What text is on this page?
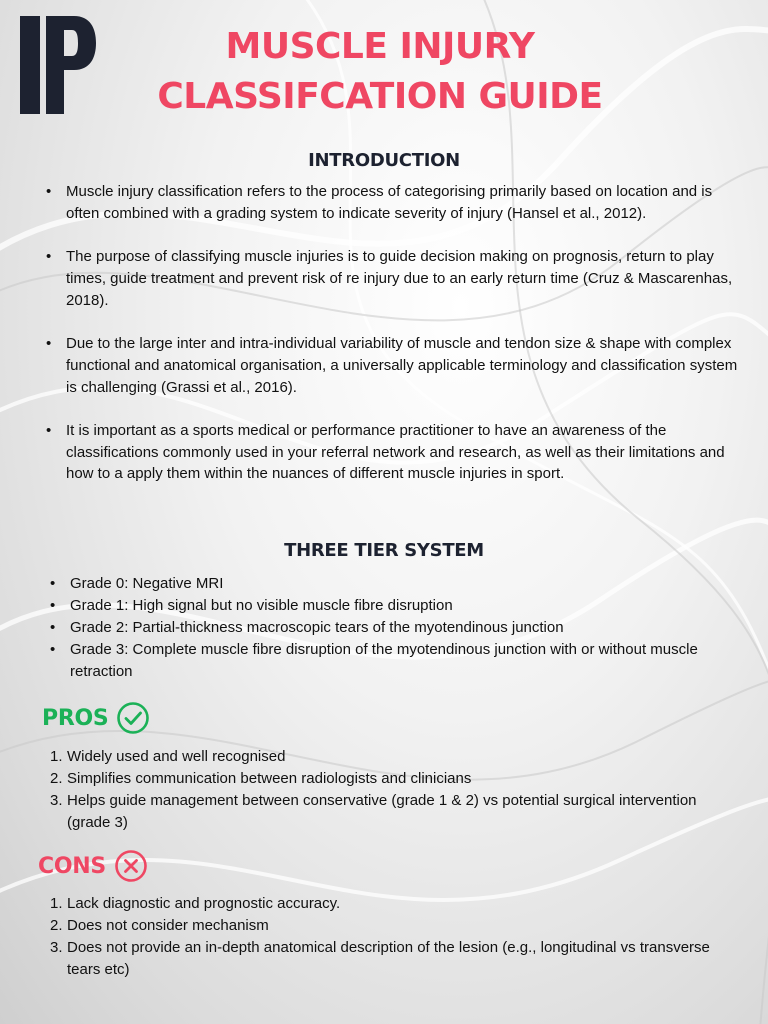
MUSCLE INJURY
CLASSIFCATION GUIDE
INTRODUCTION
• Muscle injury classification refers to the process of categorising primarily based on location and is often combined with a grading system to indicate severity of injury (Hansel et al., 2012).
• The purpose of classifying muscle injuries is to guide decision making on prognosis, return to play times, guide treatment and prevent risk of re injury due to an early return time (Cruz & Mascarenhas, 2018).
• Due to the large inter and intra-individual variability of muscle and tendon size & shape with complex functional and anatomical organisation, a universally applicable terminology and classification system is challenging (Grassi et al., 2016).
• It is important as a sports medical or performance practitioner to have an awareness of the classifications commonly used in your referral network and research, as well as their limitations and how to a apply them within the nuances of different muscle injuries in sport.
THREE TIER SYSTEM
• Grade 0: Negative MRI
• Grade 1: High signal but no visible muscle fibre disruption
• Grade 2: Partial-thickness macroscopic tears of the myotendinous junction
• Grade 3: Complete muscle fibre disruption of the myotendinous junction with or without muscle retraction
PROS
1. Widely used and well recognised
2. Simplifies communication between radiologists and clinicians
3. Helps guide management between conservative (grade 1 & 2) vs potential surgical intervention (grade 3)
CONS
1. Lack diagnostic and prognostic accuracy.
2. Does not consider mechanism
3. Does not provide an in-depth anatomical description of the lesion (e.g., longitudinal vs transverse tears etc)
